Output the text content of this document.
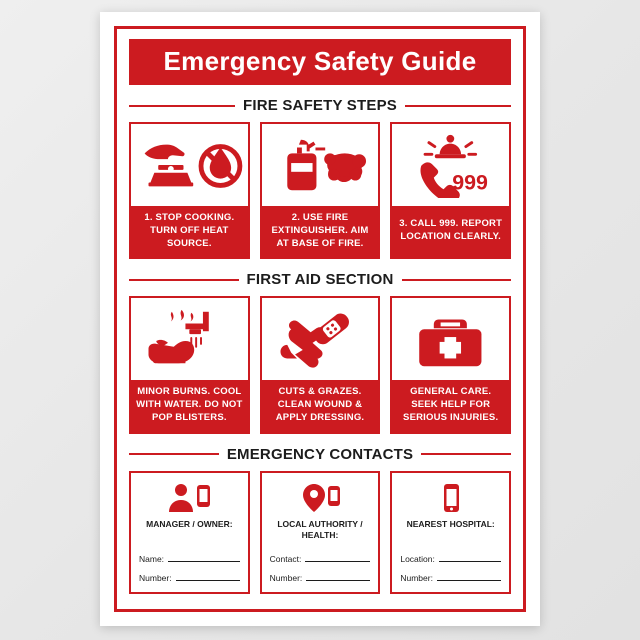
Emergency Safety Guide
FIRE SAFETY STEPS
1. STOP COOKING. TURN OFF HEAT SOURCE.
2. USE FIRE EXTINGUISHER. AIM AT BASE OF FIRE.
999
3. CALL 999. REPORT LOCATION CLEARLY.
FIRST AID SECTION
MINOR BURNS. COOL WITH WATER. DO NOT POP BLISTERS.
CUTS & GRAZES. CLEAN WOUND & APPLY DRESSING.
GENERAL CARE. SEEK HELP FOR SERIOUS INJURIES.
EMERGENCY CONTACTS
MANAGER / OWNER:
Name:
Number:
LOCAL AUTHORITY / HEALTH:
Contact:
Number:
NEAREST HOSPITAL:
Location:
Number:
